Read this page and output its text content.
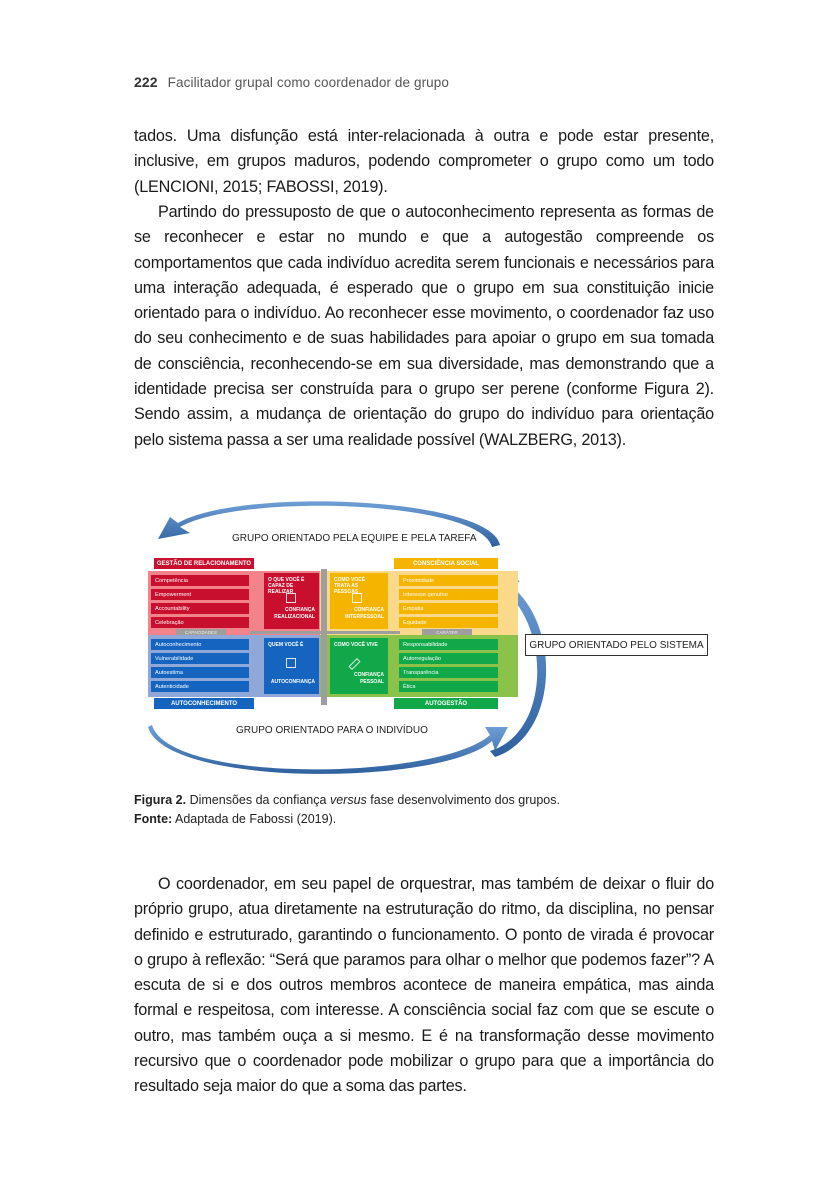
222 Facilitador grupal como coordenador de grupo

tados. Uma disfunção está inter-relacionada à outra e pode estar presente, inclusive, em grupos maduros, podendo comprometer o grupo como um todo (LENCIONI, 2015; FABOSSI, 2019).

Partindo do pressuposto de que o autoconhecimento representa as formas de se reconhecer e estar no mundo e que a autogestão compreende os comportamentos que cada indivíduo acredita serem funcionais e necessários para uma interação adequada, é esperado que o grupo em sua constituição inicie orientado para o indivíduo. Ao reconhecer esse movimento, o coordenador faz uso do seu conhecimento e de suas habilidades para apoiar o grupo em sua tomada de consciência, reconhecendo-se em sua diversidade, mas demonstrando que a identidade precisa ser construída para o grupo ser perene (conforme Figura 2). Sendo assim, a mudança de orientação do grupo do indivíduo para orientação pelo sistema passa a ser uma realidade possível (WALZBERG, 2013).

GRUPO ORIENTADO PELA EQUIPE E PELA TAREFA
GRUPO ORIENTADO PARA O INDIVÍDUO
GESTÃO DE RELACIONAMENTO	CONSCIÊNCIA SOCIAL
AUTOCONHECIMENTO	AUTOGESTÃO
Competência
Empowerment
Accountability
Celebração
Proximidade
Interesse genuíno
Empatia
Equidade
Autoconhecimento
Vulnerabilidade
Autoestima
Autenticidade
Responsabilidade
Autorregulação
Transparência
Ética
O QUE VOCÊ É CAPAZ DE REALIZAR
CONFIANÇA REALIZACIONAL
COMO VOCÊ TRATA AS PESSOAS
CONFIANÇA INTERPESSOAL
QUEM VOCÊ É
AUTOCONFIANÇA
COMO VOCÊ VIVE
CONFIANÇA PESSOAL
CAPACIDADES	CARÁTER
GRUPO ORIENTADO PELO SISTEMA
Figura 2. Dimensões da confiança versus fase desenvolvimento dos grupos.
Fonte: Adaptada de Fabossi (2019).

O coordenador, em seu papel de orquestrar, mas também de deixar o fluir do próprio grupo, atua diretamente na estruturação do ritmo, da disciplina, no pensar definido e estruturado, garantindo o funcionamento. O ponto de virada é provocar o grupo à reflexão: “Será que paramos para olhar o melhor que podemos fazer”? A escuta de si e dos outros membros acontece de maneira empática, mas ainda formal e respeitosa, com interesse. A consciência social faz com que se escute o outro, mas também ouça a si mesmo. E é na transformação desse movimento recursivo que o coordenador pode mobilizar o grupo para que a importância do resultado seja maior do que a soma das partes.
